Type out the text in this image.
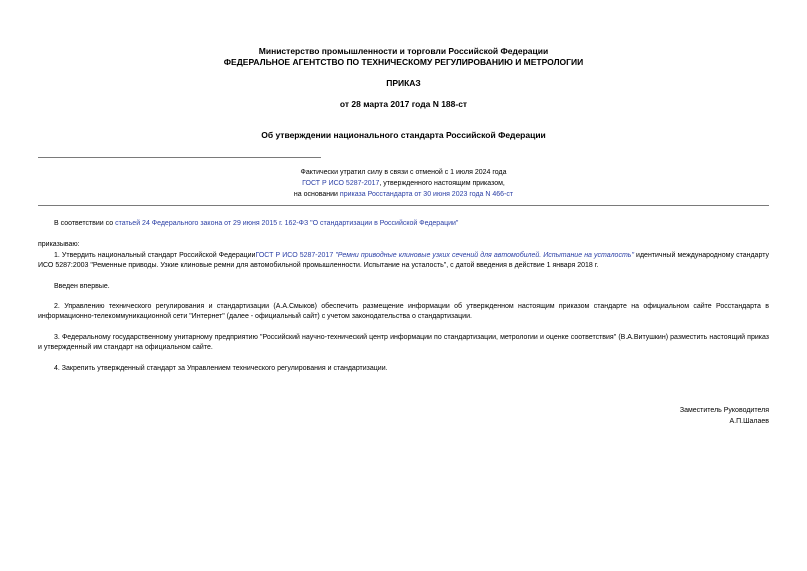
Министерство промышленности и торговли Российской Федерации
ФЕДЕРАЛЬНОЕ АГЕНТСТВО ПО ТЕХНИЧЕСКОМУ РЕГУЛИРОВАНИЮ И МЕТРОЛОГИИ
ПРИКАЗ
от 28 марта 2017 года N 188-ст
Об утверждении национального стандарта Российской Федерации
Фактически утратил силу в связи с отменой с 1 июля 2024 года
ГОСТ Р ИСО 5287-2017, утвержденного настоящим приказом,
на основании приказа Росстандарта от 30 июня 2023 года N 466-ст

В соответствии со статьей 24 Федерального закона от 29 июня 2015 г. 162-ФЗ "О стандартизации в Российской Федерации"

приказываю:

1. Утвердить национальный стандарт Российской ФедерацииГОСТ Р ИСО 5287-2017 "Ремни приводные клиновые узких сечений для автомобилей. Испытание на усталость" идентичный международному стандарту ИСО 5287:2003 "Ременные приводы. Узкие клиновые ремни для автомобильной промышленности. Испытание на усталость", с датой введения в действие 1 января 2018 г.

Введен впервые.

2. Управлению технического регулирования и стандартизации (А.А.Смыков) обеспечить размещение информации об утвержденном настоящим приказом стандарте на официальном сайте Росстандарта в информационно-телекоммуникационной сети "Интернет" (далее - официальный сайт) с учетом законодательства о стандартизации.

3. Федеральному государственному унитарному предприятию "Российский научно-технический центр информации по стандартизации, метрологии и оценке соответствия" (В.А.Витушкин) разместить настоящий приказ и утвержденный им стандарт на официальном сайте.

4. Закрепить утвержденный стандарт за Управлением технического регулирования и стандартизации.

Заместитель Руководителя
А.П.Шалаев
